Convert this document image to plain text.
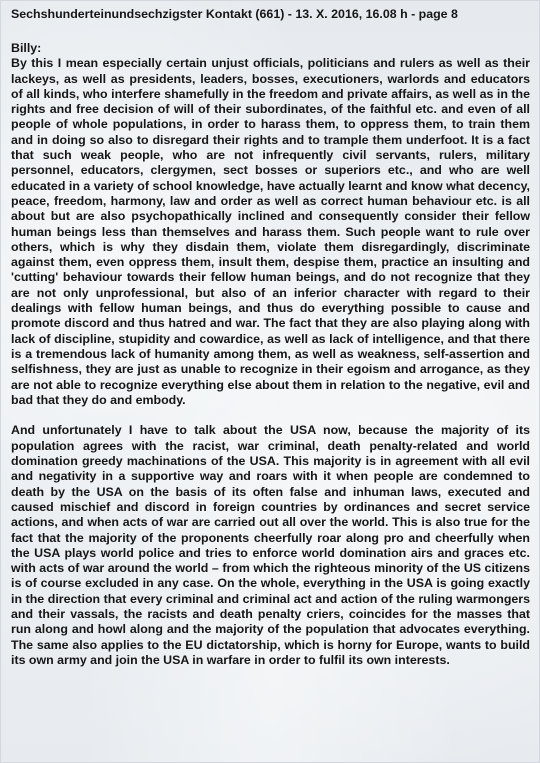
Sechshunderteinundsechzigster Kontakt (661) - 13. X. 2016, 16.08 h - page 8

Billy:

By this I mean especially certain unjust officials, politicians and rulers as well as their lackeys, as well as presidents, leaders, bosses, executioners, warlords and educators of all kinds, who interfere shamefully in the freedom and private affairs, as well as in the rights and free decision of will of their subordinates, of the faithful etc. and even of all people of whole populations, in order to harass them, to oppress them, to train them and in doing so also to disregard their rights and to trample them underfoot. It is a fact that such weak people, who are not infrequently civil servants, rulers, military personnel, educators, clergymen, sect bosses or superiors etc., and who are well educated in a variety of school knowledge, have actually learnt and know what decency, peace, freedom, harmony, law and order as well as correct human behaviour etc. is all about but are also psychopathically inclined and consequently consider their fellow human beings less than themselves and harass them. Such people want to rule over others, which is why they disdain them, violate them disregardingly, discriminate against them, even oppress them, insult them, despise them, practice an insulting and 'cutting' behaviour towards their fellow human beings, and do not recognize that they are not only unprofessional, but also of an inferior character with regard to their dealings with fellow human beings, and thus do everything possible to cause and promote discord and thus hatred and war. The fact that they are also playing along with lack of discipline, stupidity and cowardice, as well as lack of intelligence, and that there is a tremendous lack of humanity among them, as well as weakness, self-assertion and selfishness, they are just as unable to recognize in their egoism and arrogance, as they are not able to recognize everything else about them in relation to the negative, evil and bad that they do and embody.

And unfortunately I have to talk about the USA now, because the majority of its population agrees with the racist, war criminal, death penalty-related and world domination greedy machinations of the USA. This majority is in agreement with all evil and negativity in a supportive way and roars with it when people are condemned to death by the USA on the basis of its often false and inhuman laws, executed and caused mischief and discord in foreign countries by ordinances and secret service actions, and when acts of war are carried out all over the world. This is also true for the fact that the majority of the proponents cheerfully roar along pro and cheerfully when the USA plays world police and tries to enforce world domination airs and graces etc. with acts of war around the world – from which the righteous minority of the US citizens is of course excluded in any case. On the whole, everything in the USA is going exactly in the direction that every criminal and criminal act and action of the ruling warmongers and their vassals, the racists and death penalty criers, coincides for the masses that run along and howl along and the majority of the population that advocates everything. The same also applies to the EU dictatorship, which is horny for Europe, wants to build its own army and join the USA in warfare in order to fulfil its own interests.
